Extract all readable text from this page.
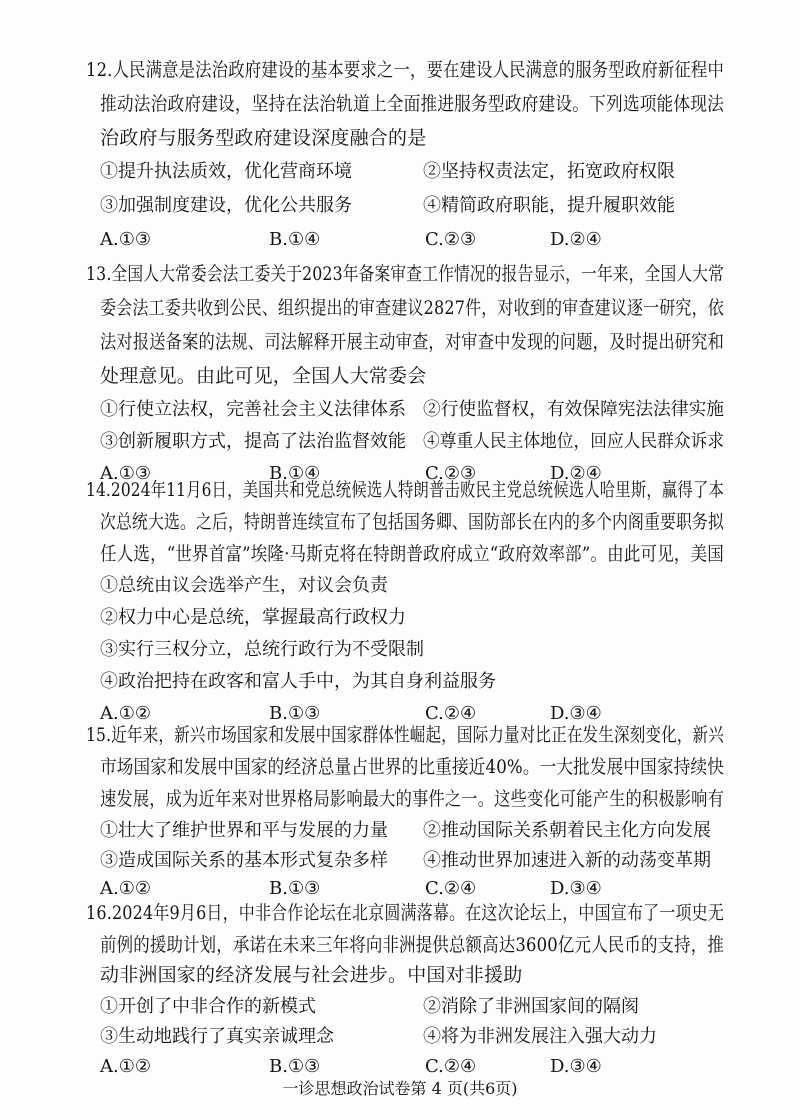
12.人民满意是法治政府建设的基本要求之一，要在建设人民满意的服务型政府新征程中
推动法治政府建设，坚持在法治轨道上全面推进服务型政府建设。下列选项能体现法
治政府与服务型政府建设深度融合的是
①提升执法质效，优化营商环境	②坚持权责法定，拓宽政府权限
③加强制度建设，优化公共服务	④精简政府职能，提升履职效能
A.①③	B.①④	C.②③	D.②④
13.全国人大常委会法工委关于2023年备案审查工作情况的报告显示，一年来，全国人大常
委会法工委共收到公民、组织提出的审查建议2827件，对收到的审查建议逐一研究，依
法对报送备案的法规、司法解释开展主动审查，对审查中发现的问题，及时提出研究和
处理意见。由此可见，全国人大常委会
①行使立法权，完善社会主义法律体系 ②行使监督权，有效保障宪法法律实施
③创新履职方式，提高了法治监督效能 ④尊重人民主体地位，回应人民群众诉求
A.①③	B.①④	C.②③	D.②④
14.2024年11月6日，美国共和党总统候选人特朗普击败民主党总统候选人哈里斯，赢得了本
次总统大选。之后，特朗普连续宣布了包括国务卿、国防部长在内的多个内阁重要职务拟
任人选，“世界首富”埃隆·马斯克将在特朗普政府成立“政府效率部”。由此可见，美国
①总统由议会选举产生，对议会负责
②权力中心是总统，掌握最高行政权力
③实行三权分立，总统行政行为不受限制
④政治把持在政客和富人手中，为其自身利益服务
A.①②	B.①③	C.②④	D.③④
15.近年来，新兴市场国家和发展中国家群体性崛起，国际力量对比正在发生深刻变化，新兴
市场国家和发展中国家的经济总量占世界的比重接近40%。一大批发展中国家持续快
速发展，成为近年来对世界格局影响最大的事件之一。这些变化可能产生的积极影响有
①壮大了维护世界和平与发展的力量 ②推动国际关系朝着民主化方向发展
③造成国际关系的基本形式复杂多样 ④推动世界加速进入新的动荡变革期
A.①②	B.①③	C.②④	D.③④
16.2024年9月6日，中非合作论坛在北京圆满落幕。在这次论坛上，中国宣布了一项史无
前例的援助计划，承诺在未来三年将向非洲提供总额高达3600亿元人民币的支持，推
动非洲国家的经济发展与社会进步。中国对非援助
①开创了中非合作的新模式	②消除了非洲国家间的隔阂
③生动地践行了真实亲诚理念	④将为非洲发展注入强大动力
A.①②	B.①③	C.②④	D.③④
一诊思想政治试卷第 4 页(共6页)
